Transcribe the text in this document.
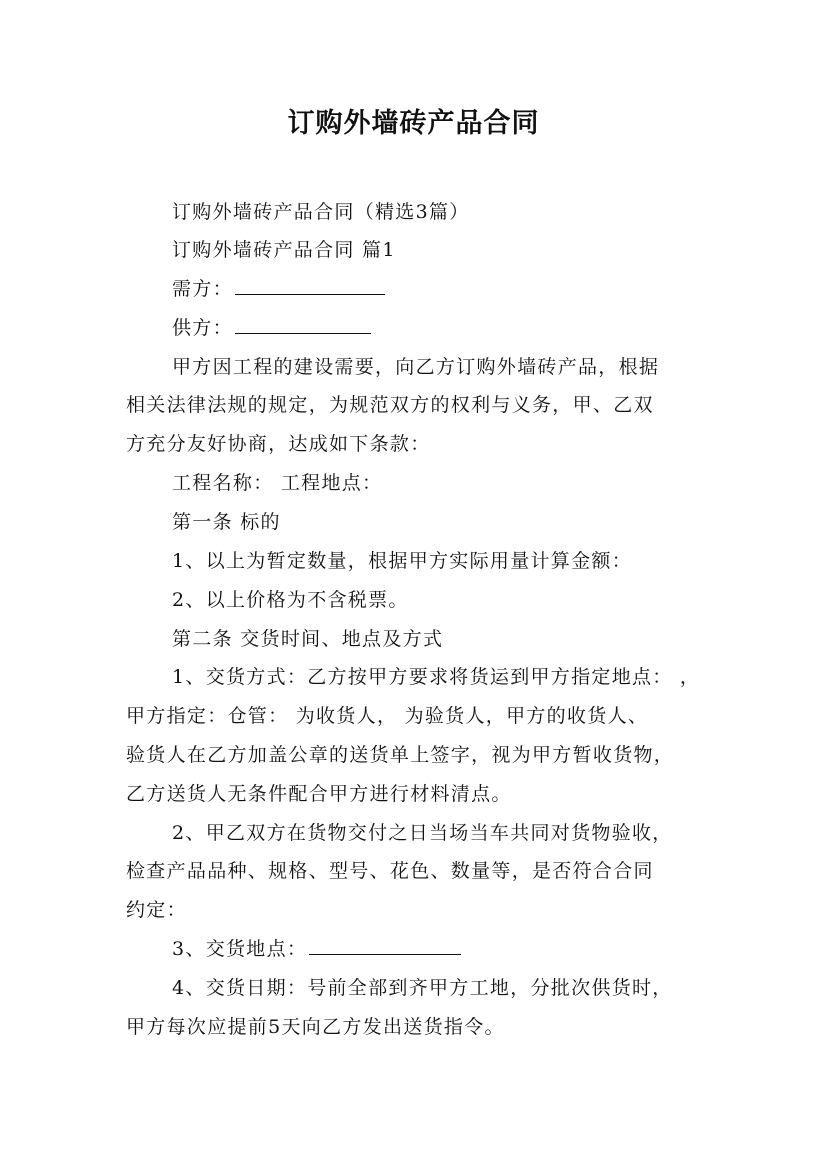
订购外墙砖产品合同
订购外墙砖产品合同（精选3篇）
订购外墙砖产品合同 篇1
需方：
供方：
甲方因工程的建设需要，向乙方订购外墙砖产品，根据
相关法律法规的规定，为规范双方的权利与义务，甲、乙双
方充分友好协商，达成如下条款：
工程名称： 工程地点：
第一条 标的
1、以上为暂定数量，根据甲方实际用量计算金额：
2、以上价格为不含税票。
第二条 交货时间、地点及方式
1、交货方式：乙方按甲方要求将货运到甲方指定地点： ，
甲方指定：仓管： 为收货人， 为验货人，甲方的收货人、
验货人在乙方加盖公章的送货单上签字，视为甲方暂收货物，
乙方送货人无条件配合甲方进行材料清点。
2、甲乙双方在货物交付之日当场当车共同对货物验收，
检查产品品种、规格、型号、花色、数量等，是否符合合同
约定：
3、交货地点：
4、交货日期：号前全部到齐甲方工地，分批次供货时，
甲方每次应提前5天向乙方发出送货指令。
